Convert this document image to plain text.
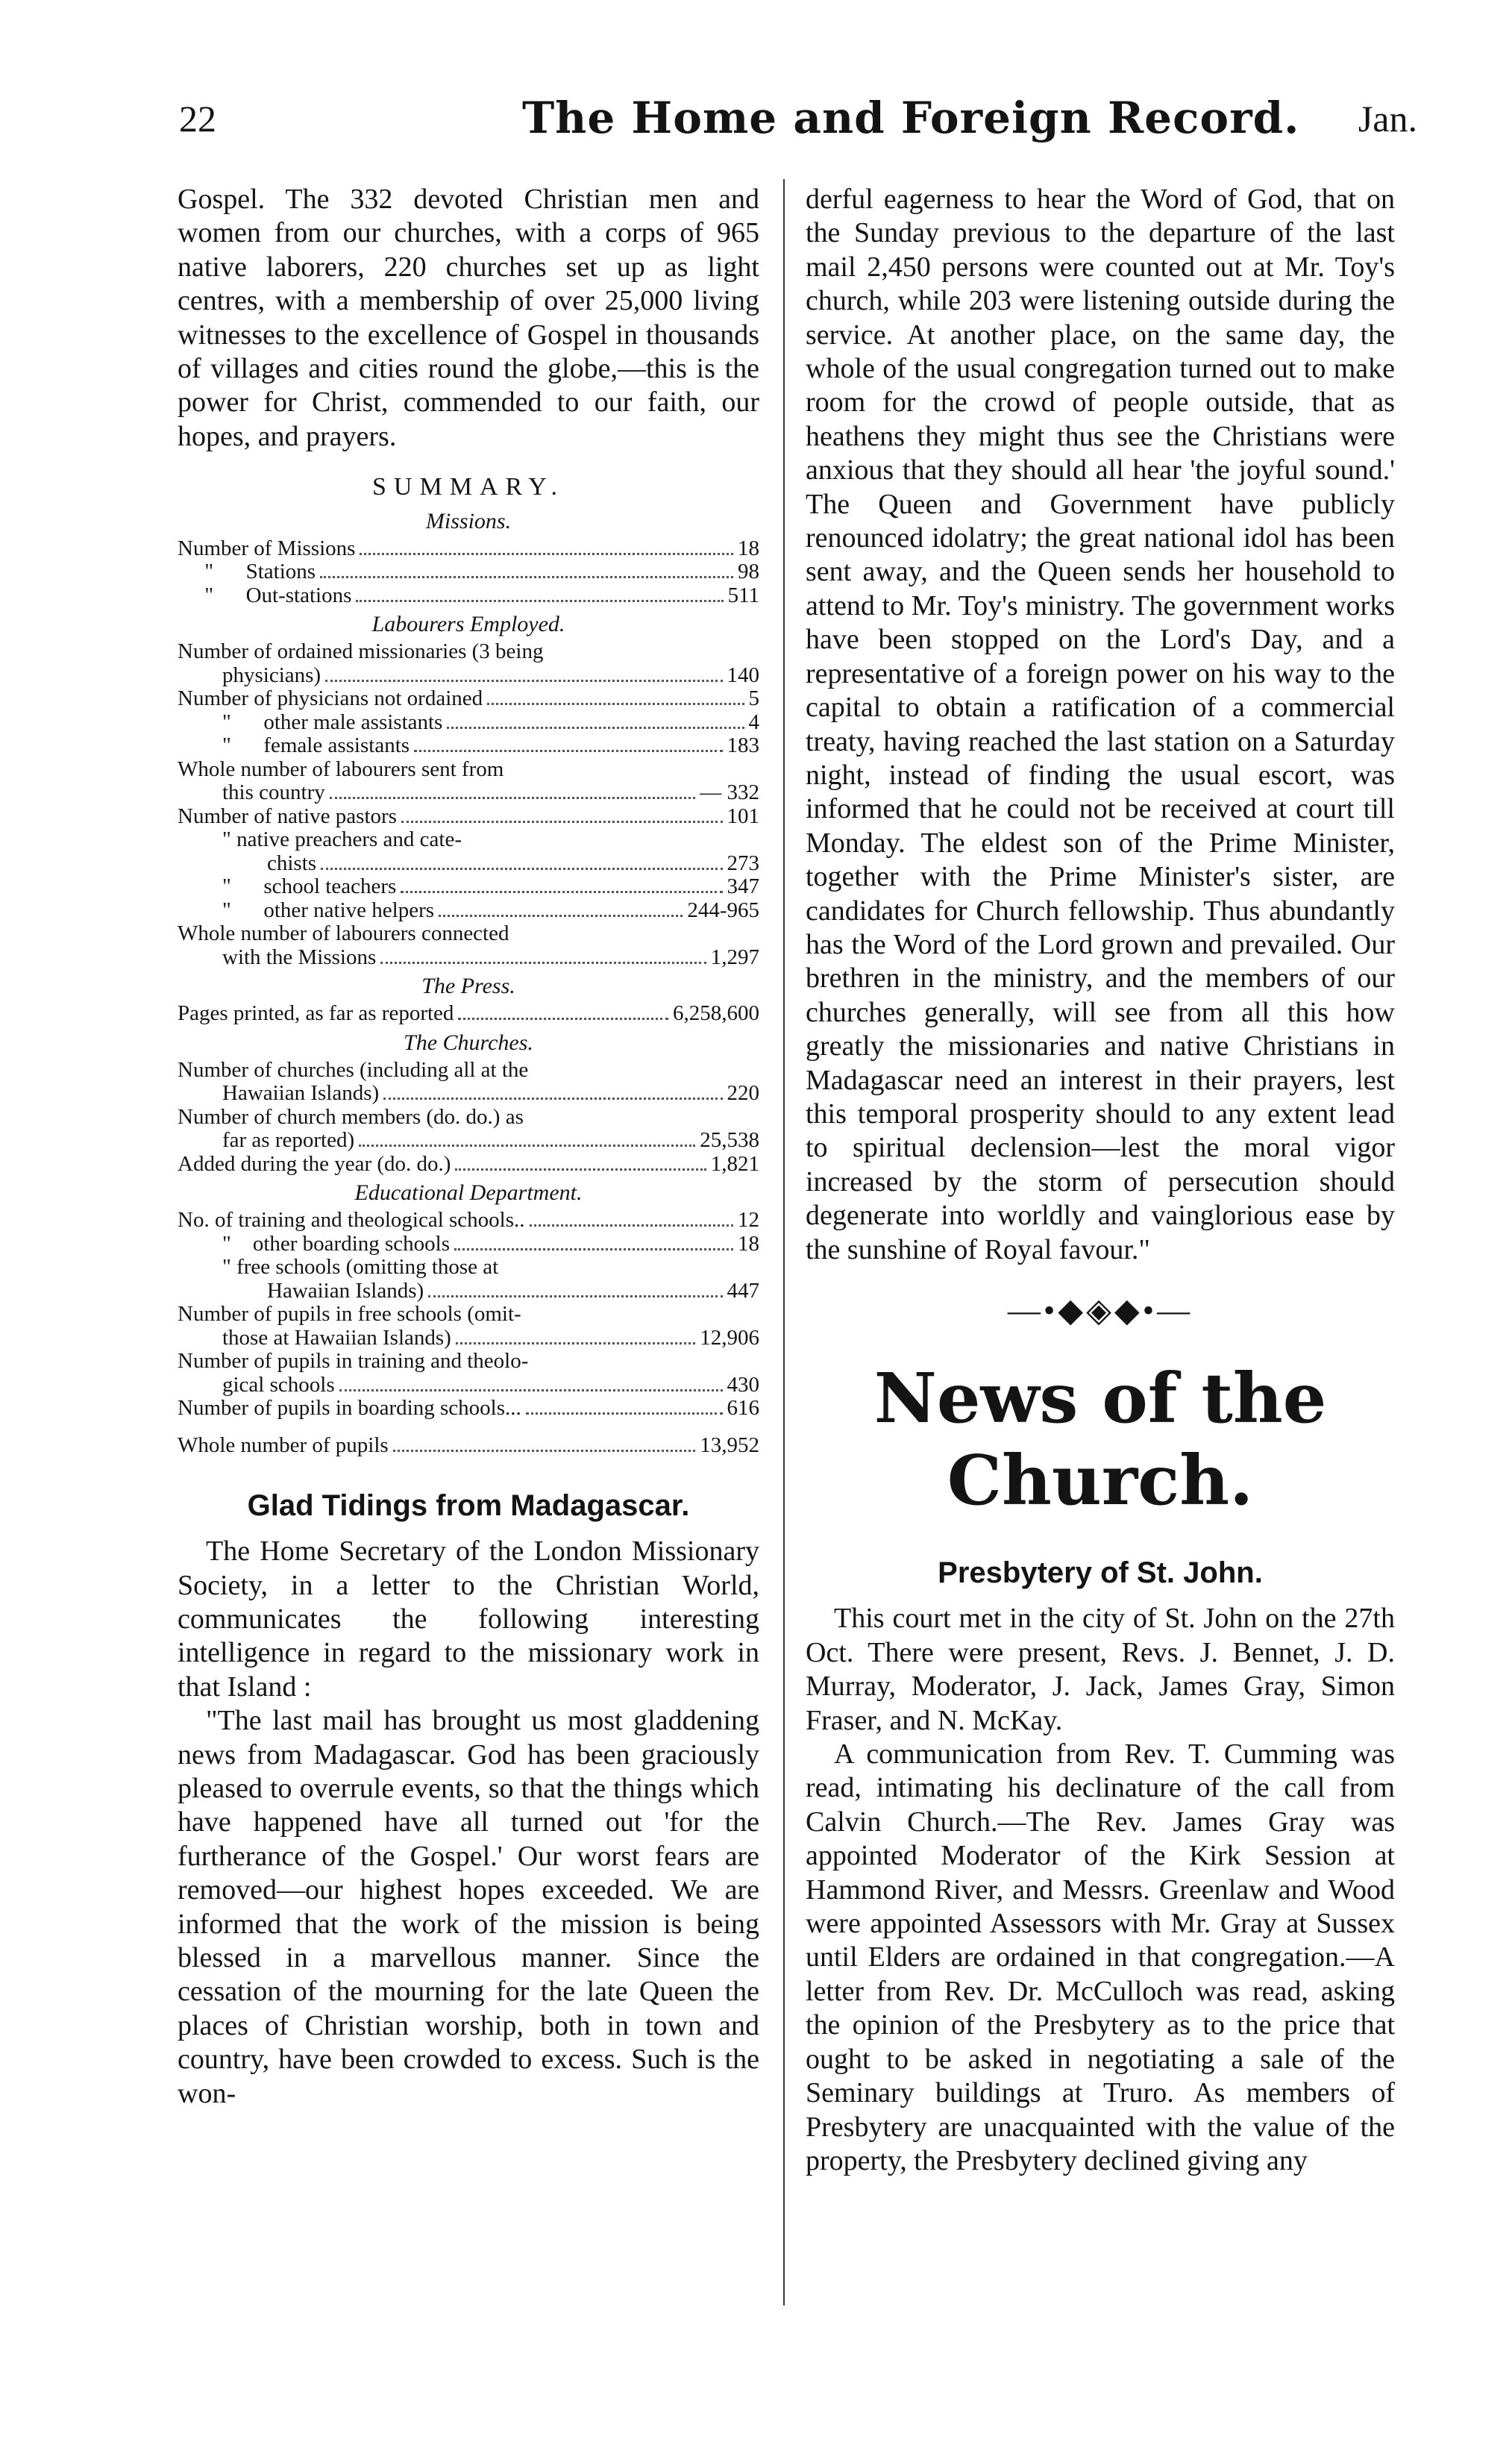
22	The Home and Foreign Record. Jan.

Gospel. The 332 devoted Christian men and women from our churches, with a corps of 965 native laborers, 220 churches set up as light centres, with a membership of over 25,000 living witnesses to the excellence of Gospel in thousands of villages and cities round the globe,—this is the power for Christ, commended to our faith, our hopes, and prayers.

SUMMARY.
Missions.
Number of Missions	18
"      Stations	98
"      Out-stations	511
Labourers Employed.
Number of ordained missionaries (3 being
physicians)	140
Number of physicians not ordained	5
"      other male assistants	4
"      female assistants	183
Whole number of labourers sent from
this country	— 332
Number of native pastors	101
" native preachers and cate-
chists	273
"      school teachers	347
"      other native helpers	244-965
Whole number of labourers connected
with the Missions	1,297
The Press.
Pages printed, as far as reported	6,258,600
The Churches.
Number of churches (including all at the
Hawaiian Islands)	220
Number of church members (do. do.) as
far as reported)	25,538
Added during the year (do. do.)	1,821
Educational Department.
No. of training and theological schools..	12
"    other boarding schools	18
" free schools (omitting those at
Hawaiian Islands)	447
Number of pupils in free schools (omit-
those at Hawaiian Islands)	12,906
Number of pupils in training and theolo-
gical schools	430
Number of pupils in boarding schools...	616
Whole number of pupils	13,952
Glad Tidings from Madagascar.

The Home Secretary of the London Missionary Society, in a letter to the Christian World, communicates the following interesting intelligence in regard to the missionary work in that Island :

"The last mail has brought us most gladdening news from Madagascar. God has been graciously pleased to overrule events, so that the things which have happened have all turned out 'for the furtherance of the Gospel.' Our worst fears are removed—our highest hopes exceeded. We are informed that the work of the mission is being blessed in a marvellous manner. Since the cessation of the mourning for the late Queen the places of Christian worship, both in town and country, have been crowded to excess. Such is the won-

derful eagerness to hear the Word of God, that on the Sunday previous to the departure of the last mail 2,450 persons were counted out at Mr. Toy's church, while 203 were listening outside during the service. At another place, on the same day, the whole of the usual congregation turned out to make room for the crowd of people outside, that as heathens they might thus see the Christians were anxious that they should all hear 'the joyful sound.' The Queen and Government have publicly renounced idolatry; the great national idol has been sent away, and the Queen sends her household to attend to Mr. Toy's ministry. The government works have been stopped on the Lord's Day, and a representative of a foreign power on his way to the capital to obtain a ratification of a commercial treaty, having reached the last station on a Saturday night, instead of finding the usual escort, was informed that he could not be received at court till Monday. The eldest son of the Prime Minister, together with the Prime Minister's sister, are candidates for Church fellowship. Thus abundantly has the Word of the Lord grown and prevailed. Our brethren in the ministry, and the members of our churches generally, will see from all this how greatly the missionaries and native Christians in Madagascar need an interest in their prayers, lest this temporal prosperity should to any extent lead to spiritual declension—lest the moral vigor increased by the storm of persecution should degenerate into worldly and vainglorious ease by the sunshine of Royal favour."

—•◆◈◆•—
News of the Church.
Presbytery of St. John.

This court met in the city of St. John on the 27th Oct. There were present, Revs. J. Bennet, J. D. Murray, Moderator, J. Jack, James Gray, Simon Fraser, and N. McKay.

A communication from Rev. T. Cumming was read, intimating his declinature of the call from Calvin Church.—The Rev. James Gray was appointed Moderator of the Kirk Session at Hammond River, and Messrs. Greenlaw and Wood were appointed Assessors with Mr. Gray at Sussex until Elders are ordained in that congregation.—A letter from Rev. Dr. McCulloch was read, asking the opinion of the Presbytery as to the price that ought to be asked in negotiating a sale of the Seminary buildings at Truro. As members of Presbytery are unacquainted with the value of the property, the Presbytery declined giving any
